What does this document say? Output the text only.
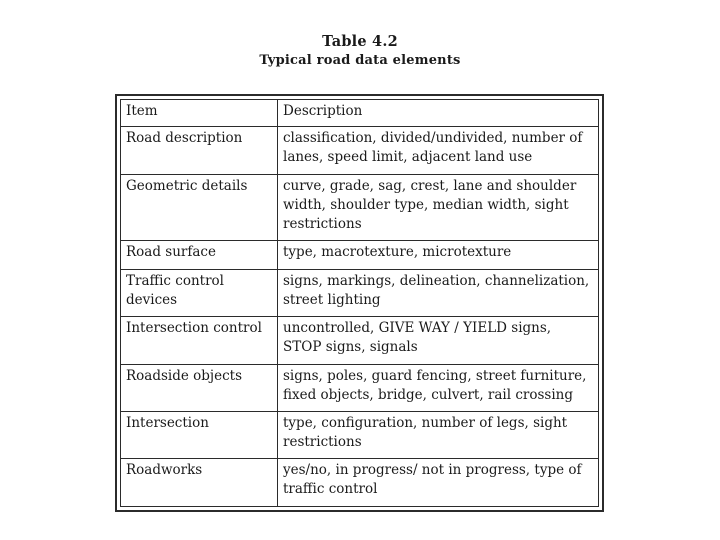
Table 4.2
Typical road data elements
Item	Description
Road description	classification, divided/undivided, number of lanes, speed limit, adjacent land use
Geometric details	curve, grade, sag, crest, lane and shoulder width, shoulder type, median width, sight restrictions
Road surface	type, macrotexture, microtexture
Traffic control devices	signs, markings, delineation, channelization, street lighting
Intersection control	uncontrolled, GIVE WAY / YIELD signs, STOP signs, signals
Roadside objects	signs, poles, guard fencing, street furniture, fixed objects, bridge, culvert, rail crossing
Intersection	type, configuration, number of legs, sight restrictions
Roadworks	yes/no, in progress/ not in progress, type of traffic control
